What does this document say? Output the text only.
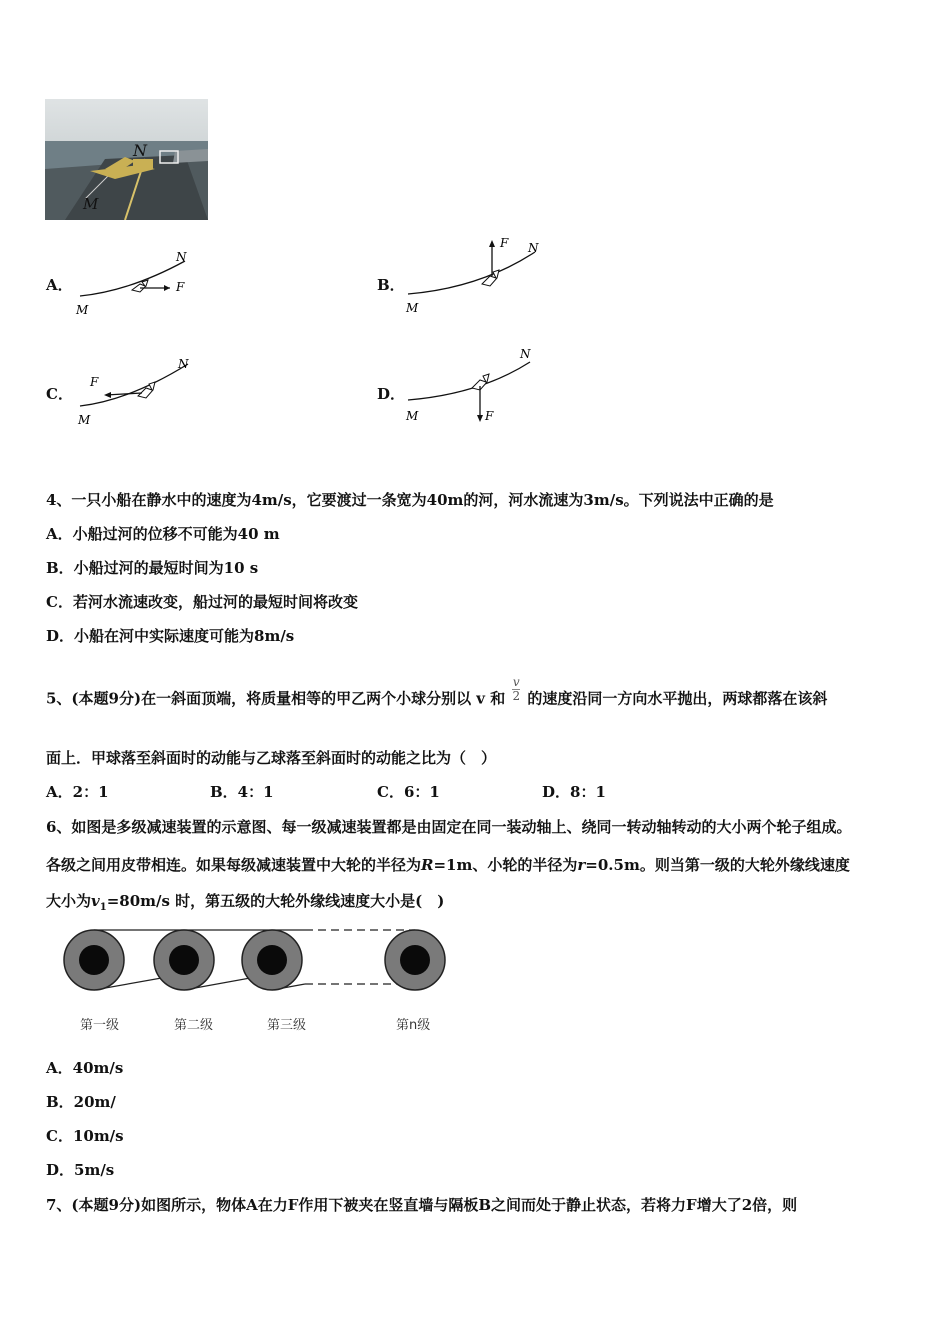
N
M
A．	F
N
M
B．
F N
M
C．
F
N
M
D．
F
N
M
4、一只小船在静水中的速度为4m/s，它要渡过一条宽为40m的河，河水流速为3m/s。下列说法中正确的是
A．小船过河的位移不可能为40 m
B．小船过河的最短时间为10 s
C．若河水流速改变，船过河的最短时间将改变
D．小船在河中实际速度可能为8m/s
5、(本题9分)在一斜面顶端，将质量相等的甲乙两个小球分别以 v 和 $\frac{v}{2}$ 的速度沿同一方向水平抛出，两球都落在该斜
面上．甲球落至斜面时的动能与乙球落至斜面时的动能之比为（　）
A．2：1	B．4：1	C．6：1	D．8：1
6、如图是多级减速装置的示意图、每一级减速装置都是由固定在同一装动轴上、绕同一转动轴转动的大小两个轮子组成。
各级之间用皮带相连。如果每级减速装置中大轮的半径为R=1m、小轮的半径为r=0.5m。则当第一级的大轮外缘线速度
大小为$v_1=80m/s$ 时，第五级的大轮外缘线速度大小是(　)
第一级	第二级	第三级	第n级
A．40m/s
B．20m/
C．10m/s
D．5m/s
7、(本题9分)如图所示，物体A在力F作用下被夹在竖直墙与隔板B之间而处于静止状态，若将力F增大了2倍，则
